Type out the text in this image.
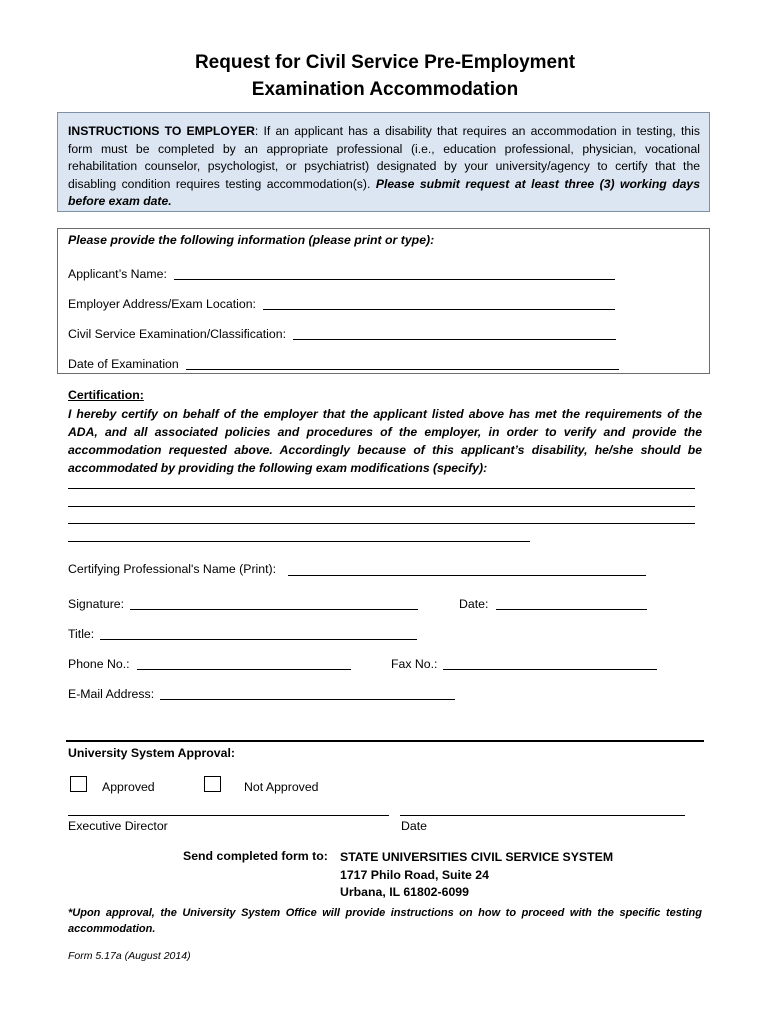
Request for Civil Service Pre-Employment
Examination Accommodation
INSTRUCTIONS TO EMPLOYER: If an applicant has a disability that requires an accommodation in testing, this form must be completed by an appropriate professional (i.e., education professional, physician, vocational rehabilitation counselor, psychologist, or psychiatrist) designated by your university/agency to certify that the disabling condition requires testing accommodation(s). Please submit request at least three (3) working days before exam date.
Please provide the following information (please print or type):
Applicant’s Name:
Employer Address/Exam Location:
Civil Service Examination/Classification:
Date of Examination
Certification:
I hereby certify on behalf of the employer that the applicant listed above has met the requirements of the ADA, and all associated policies and procedures of the employer, in order to verify and provide the accommodation requested above. Accordingly because of this applicant’s disability, he/she should be accommodated by providing the following exam modifications (specify):
Certifying Professional's Name (Print):
Signature:	Date:
Title:
Phone No.:	Fax No.:
E-Mail Address:
University System Approval:
Approved	Not Approved
Executive Director	Date
Send completed form to: STATE UNIVERSITIES CIVIL SERVICE SYSTEM
1717 Philo Road, Suite 24
Urbana, IL 61802-6099
*Upon approval, the University System Office will provide instructions on how to proceed with the specific testing accommodation.
Form 5.17a (August 2014)
